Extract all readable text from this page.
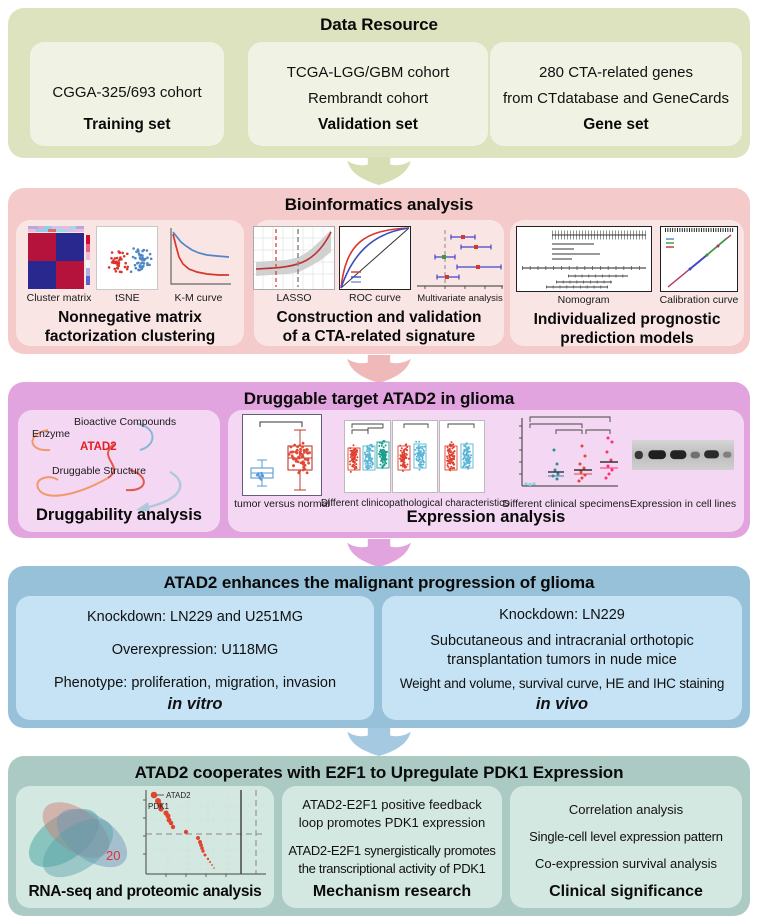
Data Resource
CGGA-325/693 cohort
Training set
TCGA-LGG/GBM cohort
Rembrandt cohort
Validation set
280 CTA-related genes
from CTdatabase and GeneCards
Gene set
Bioinformatics analysis
Cluster matrix tSNE	K-M curve
Nonnegative matrix
factorization clustering
LASSO	ROC curve Multivariate analysis
Construction and validation
of a CTA-related signature
Nomogram	Calibration curve
Individualized prognostic
prediction models
Druggable target ATAD2 in glioma
Bioactive Compounds
Enzyme
ATAD2
Druggable Structure
Druggability analysis
tumor versus normal
Different clinicopathological characteristics
Different clinical specimens Expression in cell lines
Expression analysis
ATAD2 enhances the malignant progression of glioma
Knockdown: LN229 and U251MG
Overexpression: U118MG
Phenotype: proliferation, migration, invasion
in vitro
Knockdown: LN229
Subcutaneous and intracranial orthotopic
transplantation tumors in nude mice
Weight and volume, survival curve, HE and IHC staining
in vivo
ATAD2 cooperates with E2F1 to Upregulate PDK1 Expression
20
ATAD2
PDK1
RNA-seq and proteomic analysis
ATAD2-E2F1 positive feedback
loop promotes PDK1 expression
ATAD2-E2F1 synergistically promotes
the transcriptional activity of PDK1
Mechanism research
Correlation analysis
Single-cell level expression pattern
Co-expression survival analysis
Clinical significance
